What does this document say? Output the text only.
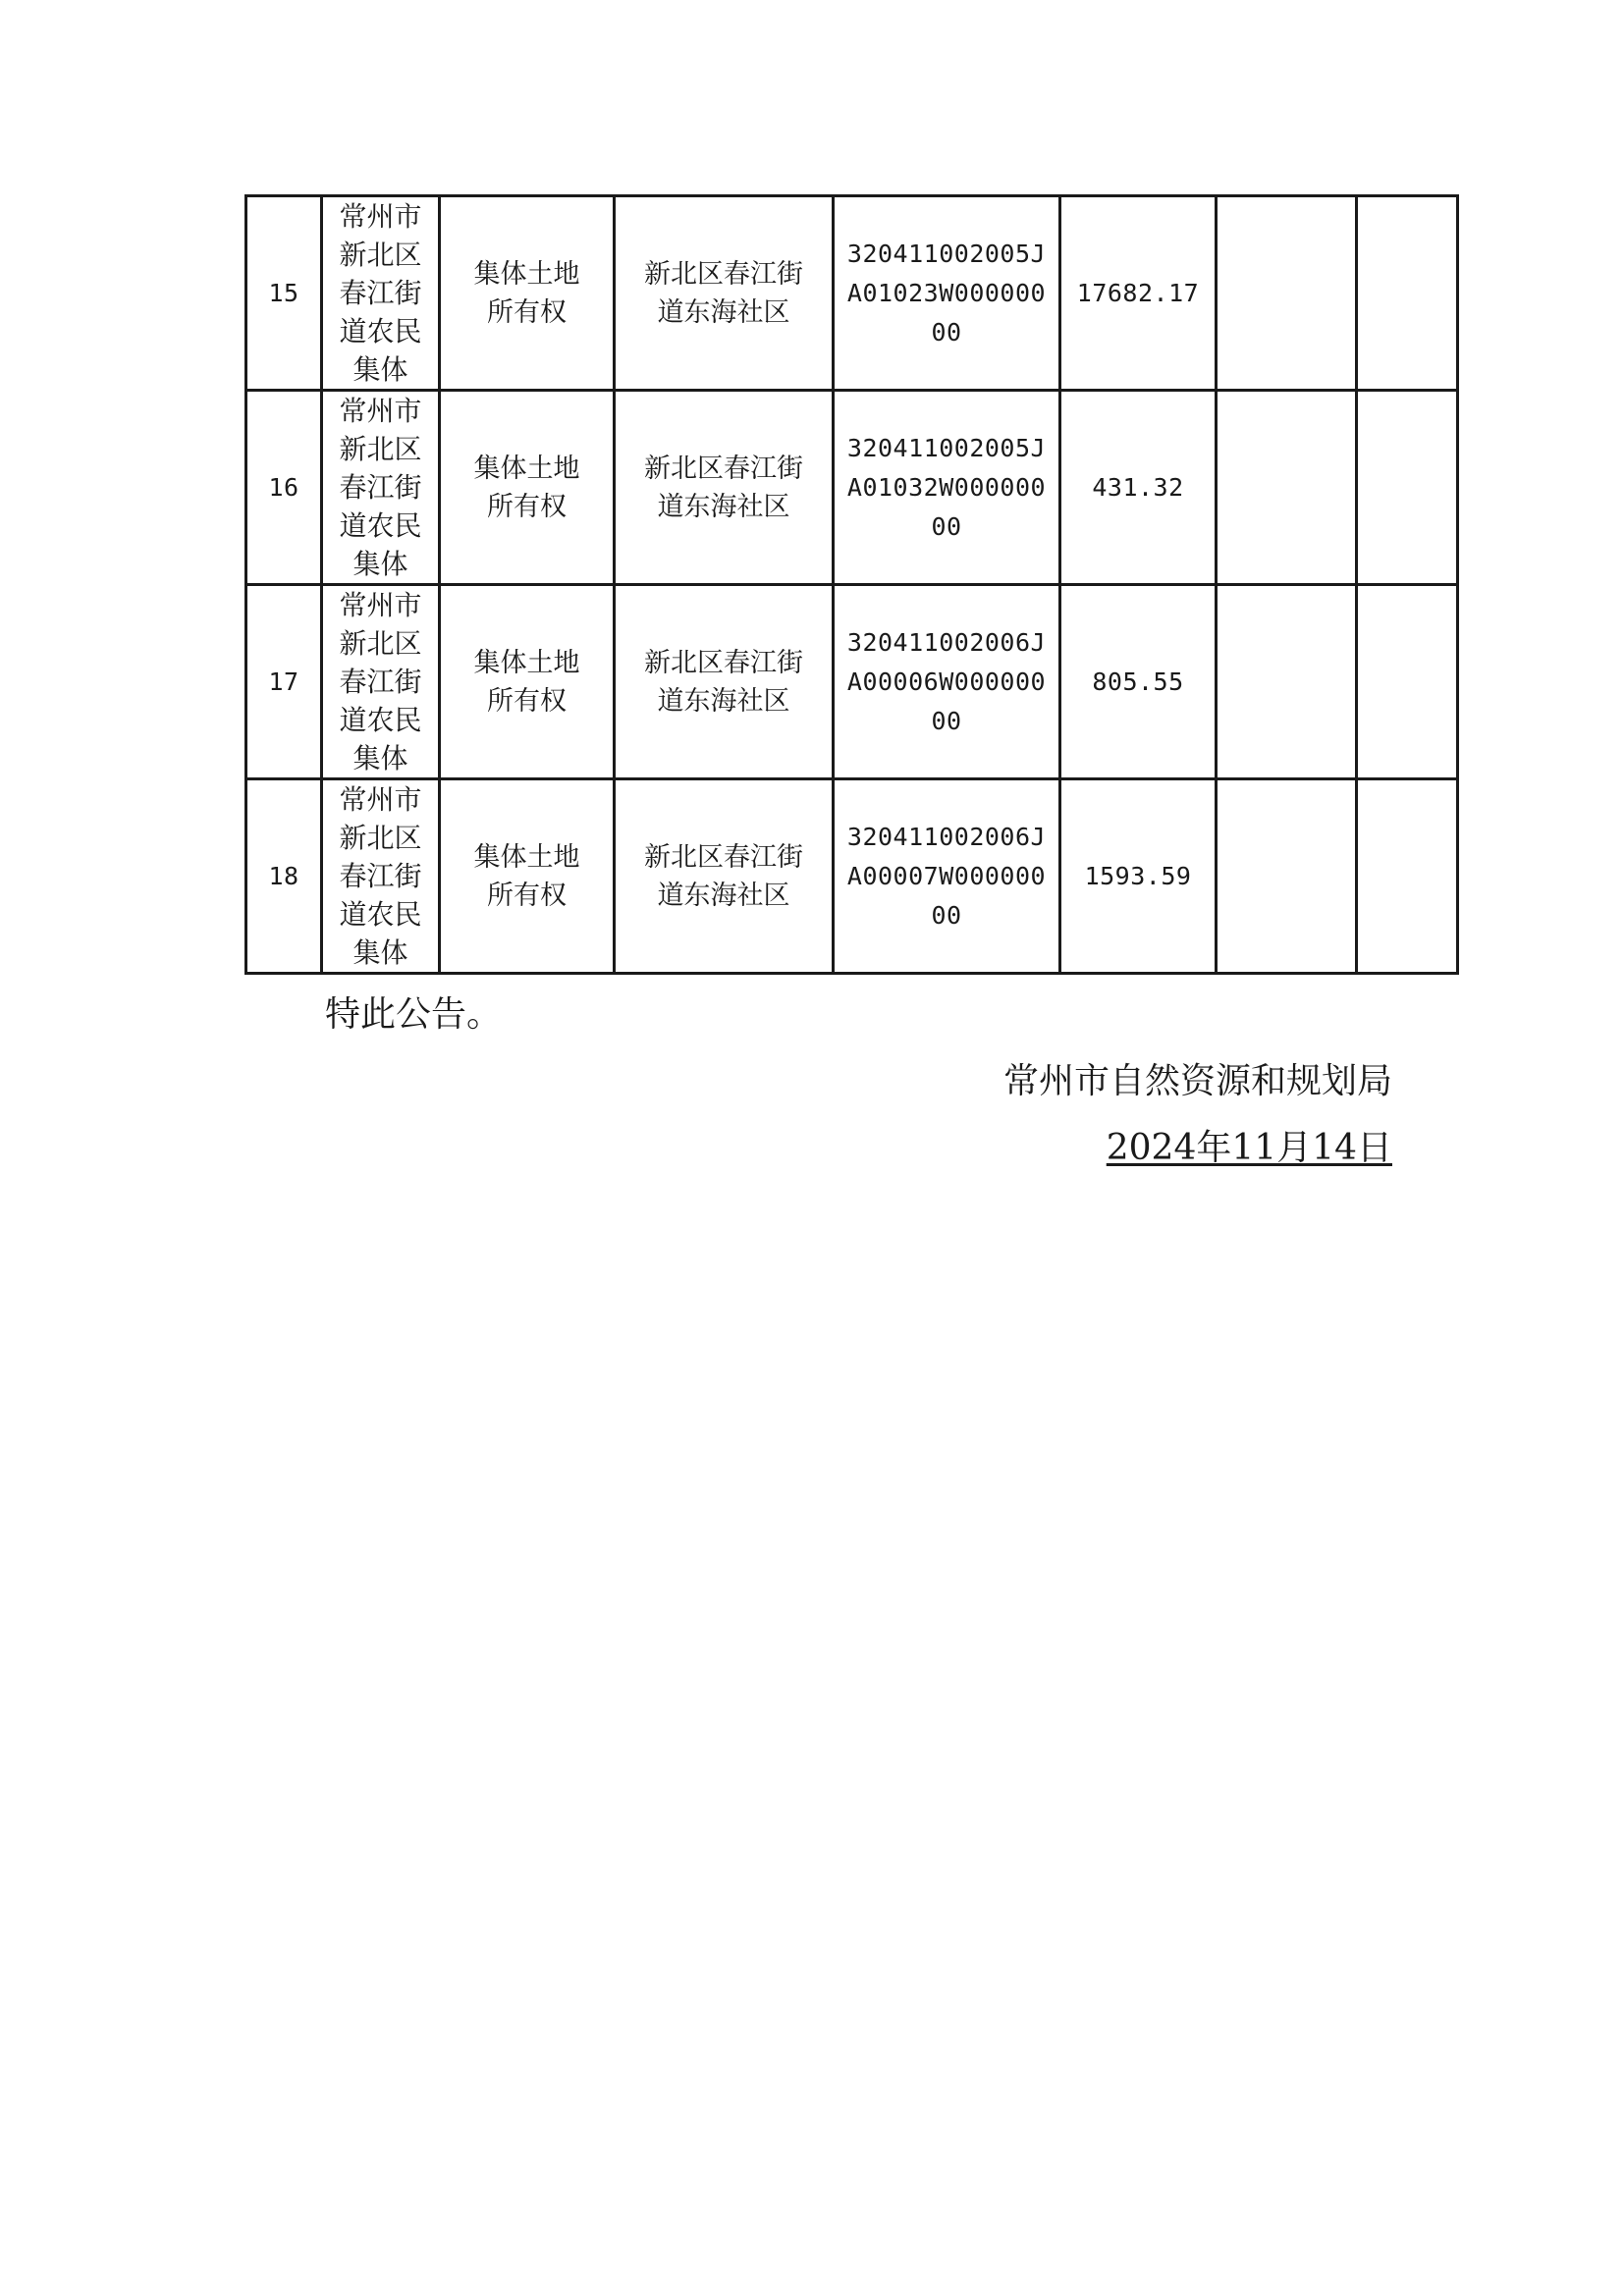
15	常州市新北区春江街道农民集体	集体土地所有权	新北区春江街道东海社区	320411002005JA01023W00000000	17682.17		
16	常州市新北区春江街道农民集体	集体土地所有权	新北区春江街道东海社区	320411002005JA01032W00000000	431.32		
17	常州市新北区春江街道农民集体	集体土地所有权	新北区春江街道东海社区	320411002006JA00006W00000000	805.55		
18	常州市新北区春江街道农民集体	集体土地所有权	新北区春江街道东海社区	320411002006JA00007W00000000	1593.59		

特此公告。

常州市自然资源和规划局

2024年11月14日
